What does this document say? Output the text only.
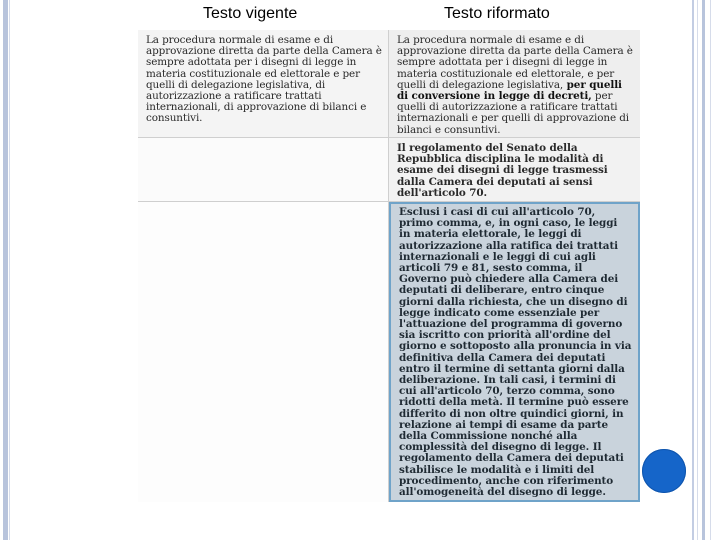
Testo vigente	Testo riformato
La procedura normale di esame e di approvazione diretta da parte della Camera è sempre adottata per i disegni di legge in materia costituzionale ed elettorale e per quelli di delegazione legislativa, di autorizzazione a ratificare trattati internazionali, di approvazione di bilanci e consuntivi.
La procedura normale di esame e di approvazione diretta da parte della Camera è sempre adottata per i disegni di legge in materia costituzionale ed elettorale, e per quelli di delegazione legislativa, per quelli di conversione in legge di decreti, per quelli di autorizzazione a ratificare trattati internazionali e per quelli di approvazione di bilanci e consuntivi.
Il regolamento del Senato della Repubblica disciplina le modalità di esame dei disegni di legge trasmessi dalla Camera dei deputati ai sensi dell'articolo 70.
Esclusi i casi di cui all'articolo 70, primo comma, e, in ogni caso, le leggi in materia elettorale, le leggi di autorizzazione alla ratifica dei trattati internazionali e le leggi di cui agli articoli 79 e 81, sesto comma, il Governo può chiedere alla Camera dei deputati di deliberare, entro cinque giorni dalla richiesta, che un disegno di legge indicato come essenziale per l'attuazione del programma di governo sia iscritto con priorità all'ordine del giorno e sottoposto alla pronuncia in via definitiva della Camera dei deputati entro il termine di settanta giorni dalla deliberazione. In tali casi, i termini di cui all'articolo 70, terzo comma, sono ridotti della metà. Il termine può essere differito di non oltre quindici giorni, in relazione ai tempi di esame da parte della Commissione nonché alla complessità del disegno di legge. Il regolamento della Camera dei deputati stabilisce le modalità e i limiti del procedimento, anche con riferimento all'omogeneità del disegno di legge.
